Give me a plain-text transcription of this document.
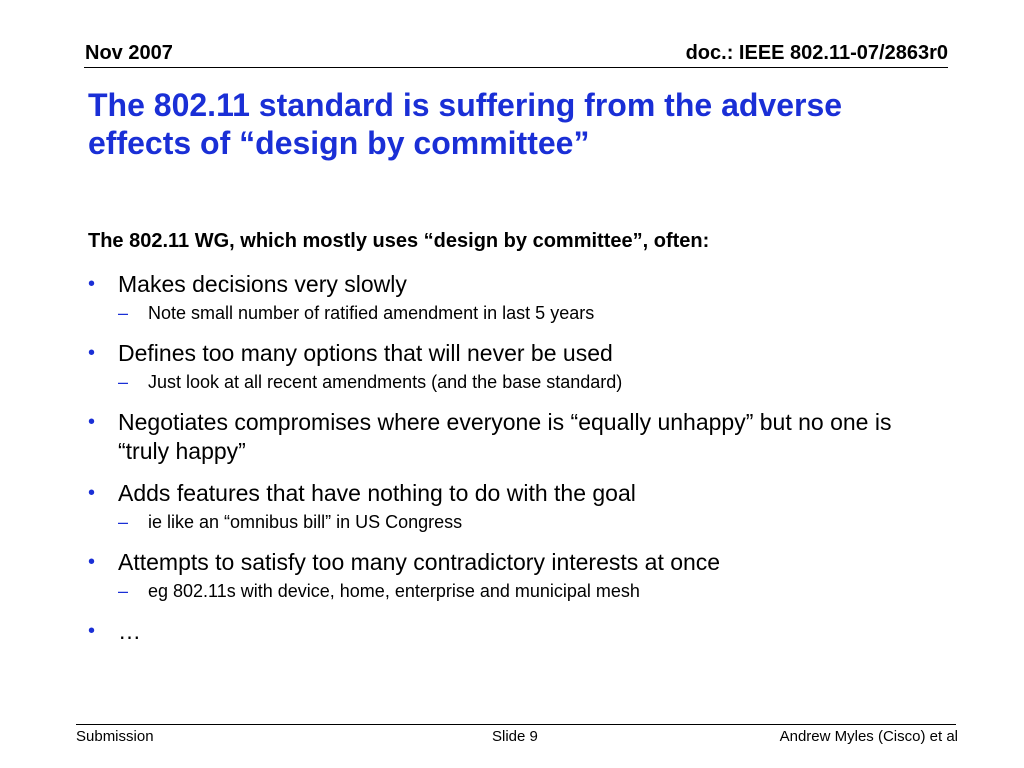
Nov 2007	doc.: IEEE 802.11-07/2863r0
The 802.11 standard is suffering from the adverse
effects of “design by committee”
The 802.11 WG, which mostly uses “design by committee”, often:
• Makes decisions very slowly
–	Note small number of ratified amendment in last 5 years
• Defines too many options that will never be used
–	Just look at all recent amendments (and the base standard)
• Negotiates compromises where everyone is “equally unhappy” but no one is “truly happy”
• Adds features that have nothing to do with the goal
–	ie like an “omnibus bill” in US Congress
• Attempts to satisfy too many contradictory interests at once
–	eg 802.11s with device, home, enterprise and municipal mesh
• …
Submission	Slide 9	Andrew Myles (Cisco) et al
